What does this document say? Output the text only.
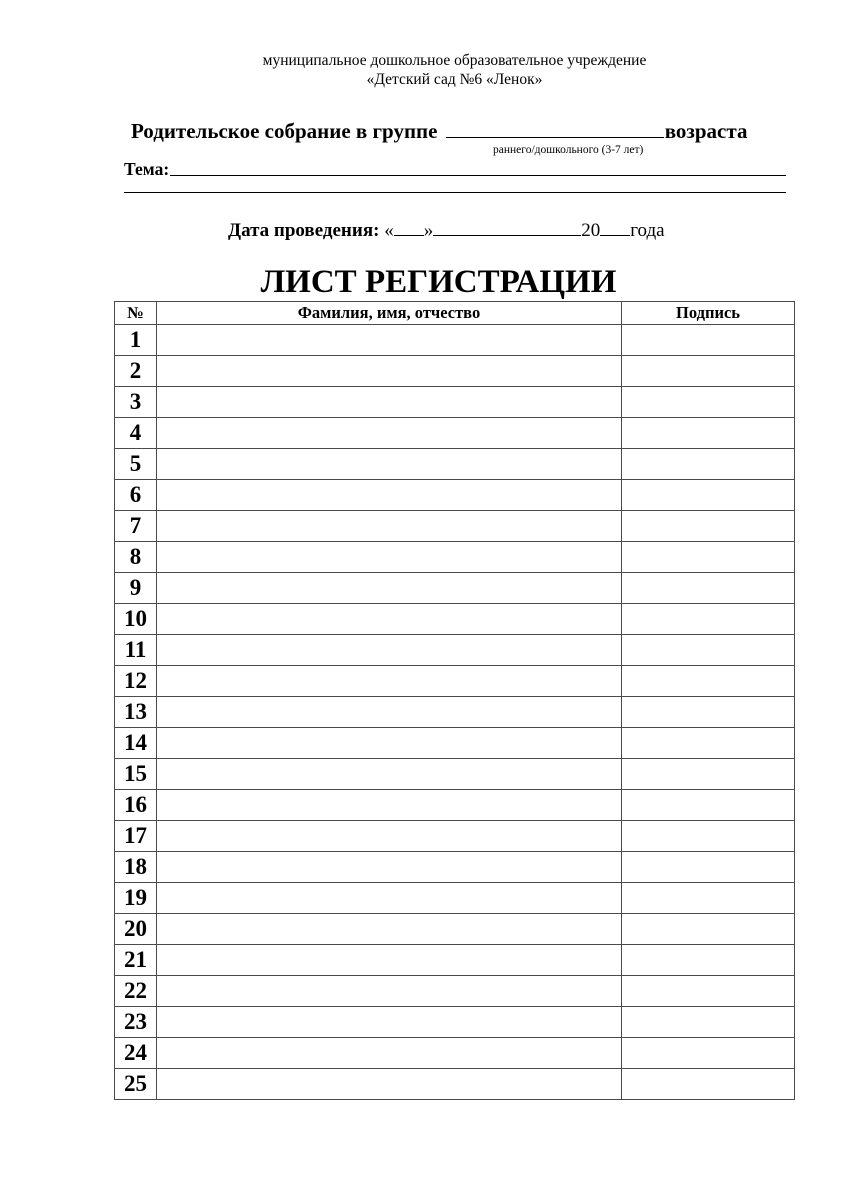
муниципальное дошкольное образовательное учреждение
«Детский сад №6 «Ленок»
Родительское собрание в группе	возраста
раннего/дошкольного (3-7 лет)
Тема:
Дата проведения: « »	20 года
ЛИСТ РЕГИСТРАЦИИ
№	Фамилия, имя, отчество	Подпись
1		
2		
3		
4		
5		
6		
7		
8		
9		
10		
11		
12		
13		
14		
15		
16		
17		
18		
19		
20		
21		
22		
23		
24		
25		
